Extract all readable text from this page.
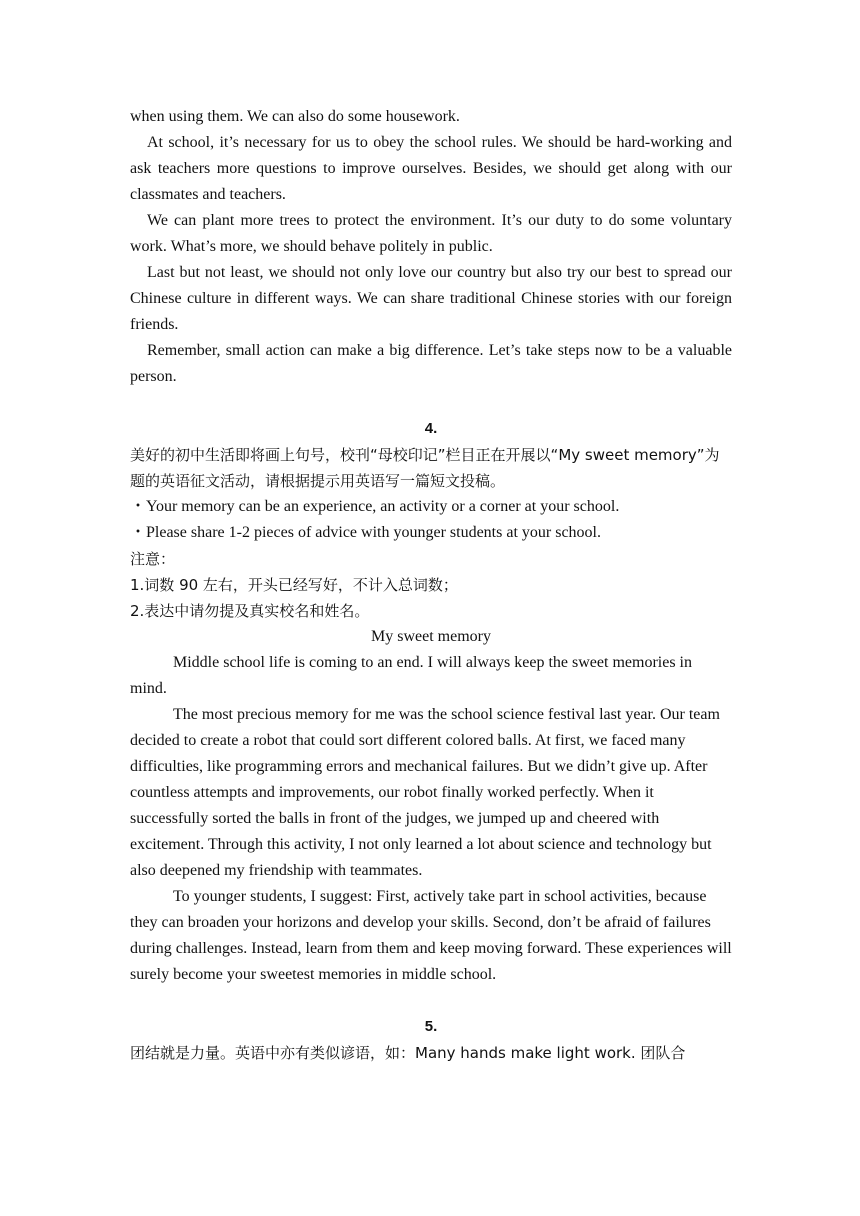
when using them. We can also do some housework.

At school, it’s necessary for us to obey the school rules. We should be hard-working and ask teachers more questions to improve ourselves. Besides, we should get along with our classmates and teachers.

We can plant more trees to protect the environment. It’s our duty to do some voluntary work. What’s more, we should behave politely in public.

Last but not least, we should not only love our country but also try our best to spread our Chinese culture in different ways. We can share traditional Chinese stories with our foreign friends.

Remember, small action can make a big difference. Let’s take steps now to be a valuable person.

4.

美好的初中生活即将画上句号，校刊“母校印记”栏目正在开展以“My sweet memory”为题的英语征文活动，请根据提示用英语写一篇短文投稿。

・Your memory can be an experience, an activity or a corner at your school.

・Please share 1-2 pieces of advice with younger students at your school.

注意：

1.词数 90 左右，开头已经写好，不计入总词数；

2.表达中请勿提及真实校名和姓名。

My sweet memory

Middle school life is coming to an end. I will always keep the sweet memories in mind.

The most precious memory for me was the school science festival last year. Our team decided to create a robot that could sort different colored balls. At first, we faced many difficulties, like programming errors and mechanical failures. But we didn’t give up. After countless attempts and improvements, our robot finally worked perfectly. When it successfully sorted the balls in front of the judges, we jumped up and cheered with excitement. Through this activity, I not only learned a lot about science and technology but also deepened my friendship with teammates.

To younger students, I suggest: First, actively take part in school activities, because they can broaden your horizons and develop your skills. Second, don’t be afraid of failures during challenges. Instead, learn from them and keep moving forward. These experiences will surely become your sweetest memories in middle school.

5.

团结就是力量。英语中亦有类似谚语，如：Many hands make light work. 团队合
